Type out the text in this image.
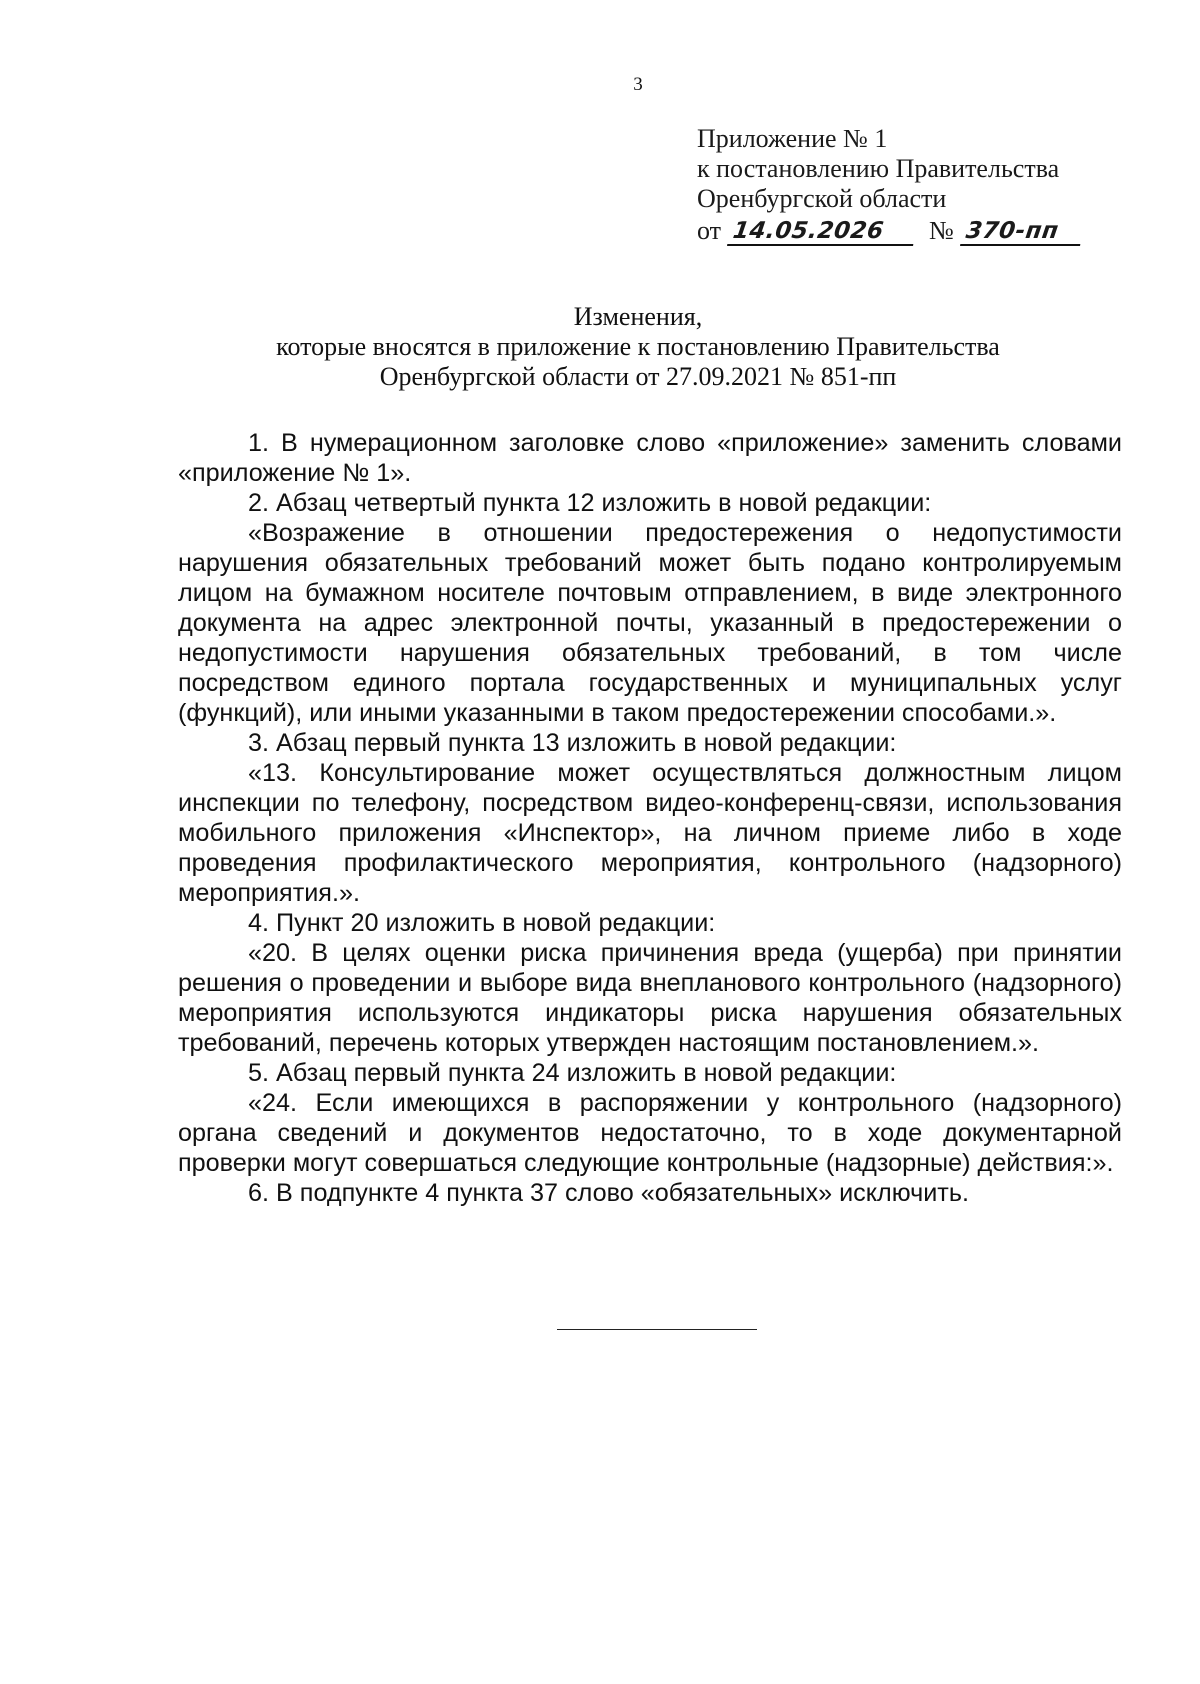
3
Приложение № 1
к постановлению Правительства
Оренбургской области
от 14.05.2026	№ 370-пп
Изменения,
которые вносятся в приложение к постановлению Правительства
Оренбургской области от 27.09.2021 № 851-пп

1. В нумерационном заголовке слово «приложение» заменить словами «приложение № 1».

2. Абзац четвертый пункта 12 изложить в новой редакции:

«Возражение в отношении предостережения о недопустимости нарушения обязательных требований может быть подано контролируемым лицом на бумажном носителе почтовым отправлением, в виде электронного документа на адрес электронной почты, указанный в предостережении о недопустимости нарушения обязательных требований, в том числе посредством единого портала государственных и муниципальных услуг (функций), или иными указанными в таком предостережении способами.».

3. Абзац первый пункта 13 изложить в новой редакции:

«13. Консультирование может осуществляться должностным лицом инспекции по телефону, посредством видео-конференц-связи, использования мобильного приложения «Инспектор», на личном приеме либо в ходе проведения профилактического мероприятия, контрольного (надзорного) мероприятия.».

4. Пункт 20 изложить в новой редакции:

«20. В целях оценки риска причинения вреда (ущерба) при принятии решения о проведении и выборе вида внепланового контрольного (надзорного) мероприятия используются индикаторы риска нарушения обязательных требований, перечень которых утвержден настоящим постановлением.».

5. Абзац первый пункта 24 изложить в новой редакции:

«24. Если имеющихся в распоряжении у контрольного (надзорного) органа сведений и документов недостаточно, то в ходе документарной проверки могут совершаться следующие контрольные (надзорные) действия:».

6. В подпункте 4 пункта 37 слово «обязательных» исключить.
